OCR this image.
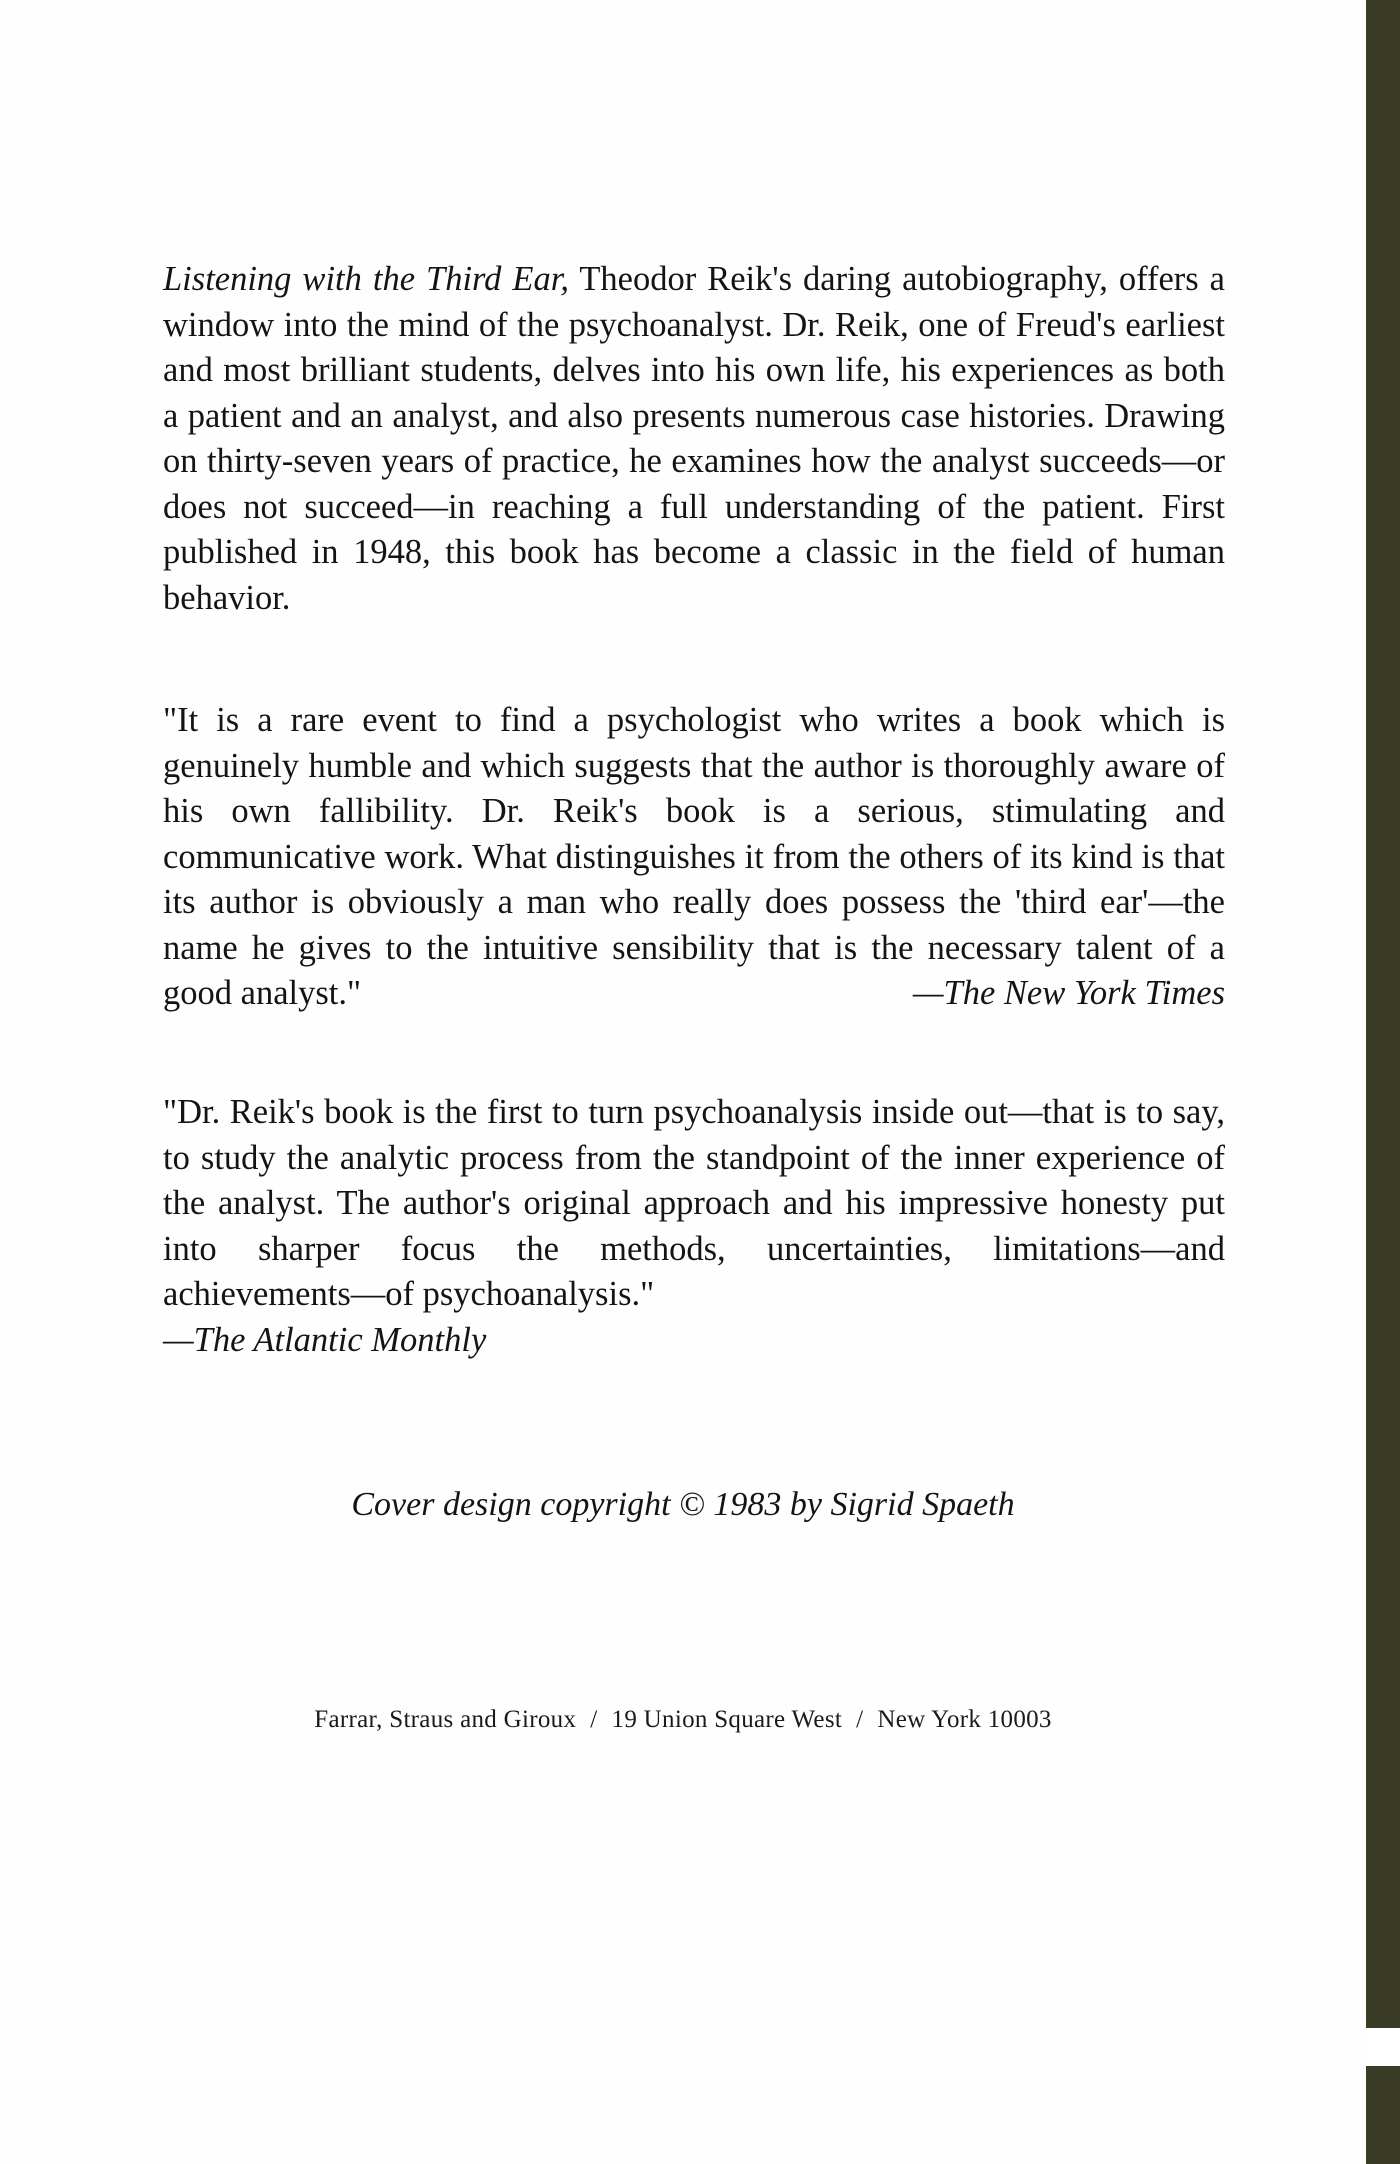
Listening with the Third Ear, Theodor Reik's daring autobiography, offers a window into the mind of the psychoanalyst. Dr. Reik, one of Freud's earliest and most brilliant students, delves into his own life, his experiences as both a patient and an analyst, and also presents numerous case histories. Drawing on thirty-seven years of practice, he examines how the analyst succeeds—or does not succeed—in reaching a full understanding of the patient. First published in 1948, this book has become a classic in the field of human behavior.

"It is a rare event to find a psychologist who writes a book which is genuinely humble and which suggests that the author is thoroughly aware of his own fallibility. Dr. Reik's book is a serious, stimulating and communicative work. What distinguishes it from the others of its kind is that its author is obviously a man who really does possess the 'third ear'—the name he gives to the intuitive sensibility that is the necessary talent of a good analyst."	—The New York Times

"Dr. Reik's book is the first to turn psychoanalysis inside out—that is to say, to study the analytic process from the standpoint of the inner experience of the analyst. The author's original approach and his impressive honesty put into sharper focus the methods, uncertainties, limitations—and achievements—of psychoanalysis."
—The Atlantic Monthly

Cover design copyright © 1983 by Sigrid Spaeth

Farrar, Straus and Giroux / 19 Union Square West / New York 10003
